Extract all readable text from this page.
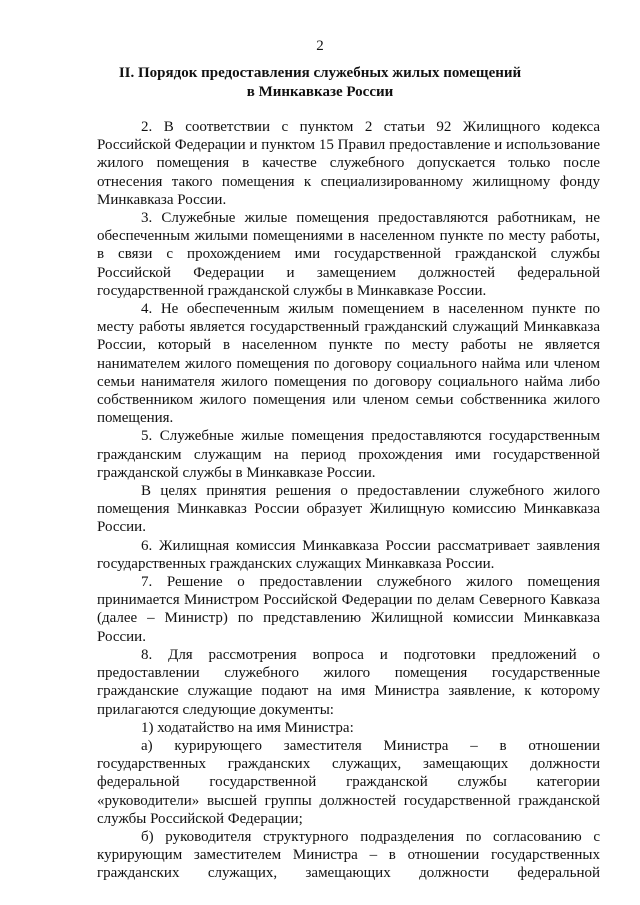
2
II. Порядок предоставления служебных жилых помещений
в Минкавказе России

2. В соответствии с пунктом 2 статьи 92 Жилищного кодекса Российской Федерации и пунктом 15 Правил предоставление и использование жилого помещения в качестве служебного допускается только после отнесения такого помещения к специализированному жилищному фонду Минкавказа России.

3. Служебные жилые помещения предоставляются работникам, не обеспеченным жилыми помещениями в населенном пункте по месту работы, в связи с прохождением ими государственной гражданской службы Российской Федерации и замещением должностей федеральной государственной гражданской службы в Минкавказе России.

4. Не обеспеченным жилым помещением в населенном пункте по месту работы является государственный гражданский служащий Минкавказа России, который в населенном пункте по месту работы не является нанимателем жилого помещения по договору социального найма или членом семьи нанимателя жилого помещения по договору социального найма либо собственником жилого помещения или членом семьи собственника жилого помещения.

5. Служебные жилые помещения предоставляются государственным гражданским служащим на период прохождения ими государственной гражданской службы в Минкавказе России.

В целях принятия решения о предоставлении служебного жилого помещения Минкавказ России образует Жилищную комиссию Минкавказа России.

6. Жилищная комиссия Минкавказа России рассматривает заявления государственных гражданских служащих Минкавказа России.

7. Решение о предоставлении служебного жилого помещения принимается Министром Российской Федерации по делам Северного Кавказа (далее – Министр) по представлению Жилищной комиссии Минкавказа России.

8. Для рассмотрения вопроса и подготовки предложений о предоставлении служебного жилого помещения государственные гражданские служащие подают на имя Министра заявление, к которому прилагаются следующие документы:

1) ходатайство на имя Министра:

а) курирующего заместителя Министра – в отношении государственных гражданских служащих, замещающих должности федеральной государственной гражданской службы категории «руководители» высшей группы должностей государственной гражданской службы Российской Федерации;

б) руководителя структурного подразделения по согласованию с курирующим заместителем Министра – в отношении государственных гражданских служащих, замещающих должности федеральной
